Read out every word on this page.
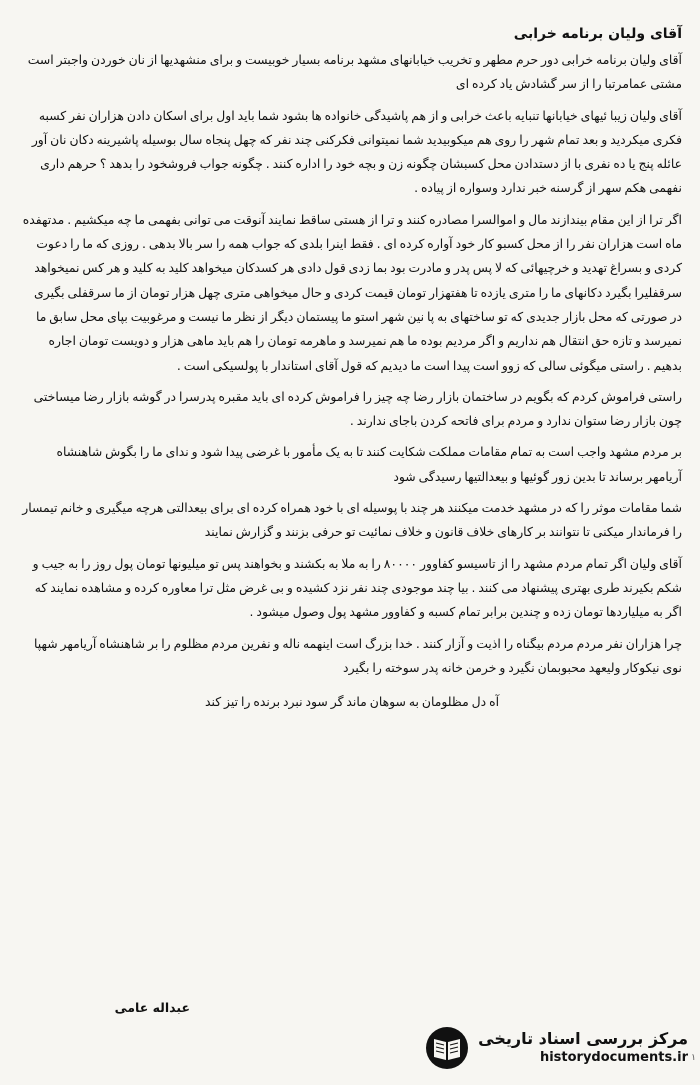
آقای ولیان برنامه خرابی

آقای ولیان برنامه خرابی دور حرم مطهر و تخریب خیابانهای مشهد برنامه بسیار خوبیست و برای منشهدیها از نان خوردن واجبتر است مشتی عمامرتبا را از سر گشادش یاد کرده ای

آقای ولیان زیبا ئیهای خیابانها تنبایه باعث خرابی و از هم پاشیدگی خانواده ها بشود شما باید اول برای اسکان دادن هزاران نفر کسبه فکری میکردید و بعد تمام شهر را روی هم میکوبیدید شما نمیتوانی فکرکنی چند نفر که چهل پنجاه سال بوسیله پاشیرینه دکان نان آور عائله پنج یا ده نفری با از دستدادن محل کسبشان چگونه زن و بچه خود را اداره کنند . چگونه جواب فروشخود را بدهد ؟ حرهم داری نفهمی هکم سهر از گرسنه خبر ندارد وسواره از پیاده .

اگر ترا از این مقام بیندازند مال و اموالسرا مصادره کنند و ترا از هستی ساقط نمایند آنوقت می توانی بفهمی ما چه میکشیم . مدتهفده ماه است هزاران نفر را از محل کسبو کار خود آواره کرده ای . فقط اینرا بلدی که جواب همه را سر بالا بدهی . روزی که ما را دعوت کردی و بسراغ تهدید و خرچیهائی که لا پس پدر و مادرت بود بما زدی قول دادی هر کسدکان میخواهد کلید به کلید و هر کس نمیخواهد سرقفلیرا بگیرد دکانهای ما را متری یازده تا هفتهزار تومان قیمت کردی و حال میخواهی متری چهل هزار تومان از ما سرقفلی بگیری در صورتی که محل بازار جدیدی که تو ساختهای به پا نین شهر استو ما پیستمان دیگر از نظر ما نیست و مرغوبیت بپای محل سابق ما نمیرسد و تازه حق انتقال هم نداریم و اگر مردیم بوده ما هم نمیرسد و ماهرمه تومان را هم باید ماهی هزار و دویست تومان اجاره بدهیم . راستی میگوئی سالی که زوو است پیدا است ما دیدیم که قول آقای استاندار با پولسیکی است .

راستی فراموش کردم که بگویم در ساختمان بازار رضا چه چیز را فراموش کرده ای باید مقبره پدرسرا در گوشه بازار رضا میساختی چون بازار رضا ستوان ندارد و مردم برای فاتحه کردن باجای ندارند .

بر مردم مشهد واجب است به تمام مقامات مملکت شکایت کنند تا به یک مأمور با غرضی پیدا شود و ندای ما را بگوش شاهنشاه آریامهر برساند تا بدین زور گوئیها و بیعدالتیها رسیدگی شود

شما مقامات موثر را که در مشهد خدمت میکنند هر چند با پوسیله ای با خود همراه کرده ای برای بیعدالتی هرچه میگیری و خانم تیمسار را فرماندار میکنی تا نتوانند بر کارهای خلاف قانون و خلاف نمائیت تو حرفی بزنند و گزارش نمایند

آقای ولیان اگر تمام مردم مشهد را از تاسیسو کفاوور ۸۰۰۰۰ را به ملا به بکشند و بخواهند پس تو میلیونها تومان پول روز را به جیب و شکم بکیرند طری بهتری پیشنهاد می کنند . بیا چند موجودی چند نفر نزد کشیده و بی غرض مثل ترا معاوره کرده و مشاهده نمایند که اگر به میلیاردها تومان زده و چندین برابر تمام کسبه و کفاوور مشهد پول وصول میشود .

چرا هزاران نفر مردم مردم بیگناه را اذیت و آزار کنند . خدا بزرگ است اینهمه ناله و نفرین مردم مظلوم را بر شاهنشاه آریامهر شهپا نوی نیکوکار ولیعهد محبوبمان نگیرد و خرمن خانه پدر سوخته را بگیرد

آه دل مظلومان به سوهان ماند گر سود نبرد برنده را تیز کند

عبداله عامی
مرکز بررسی اسناد تاریخی
historydocuments.ir ۱
